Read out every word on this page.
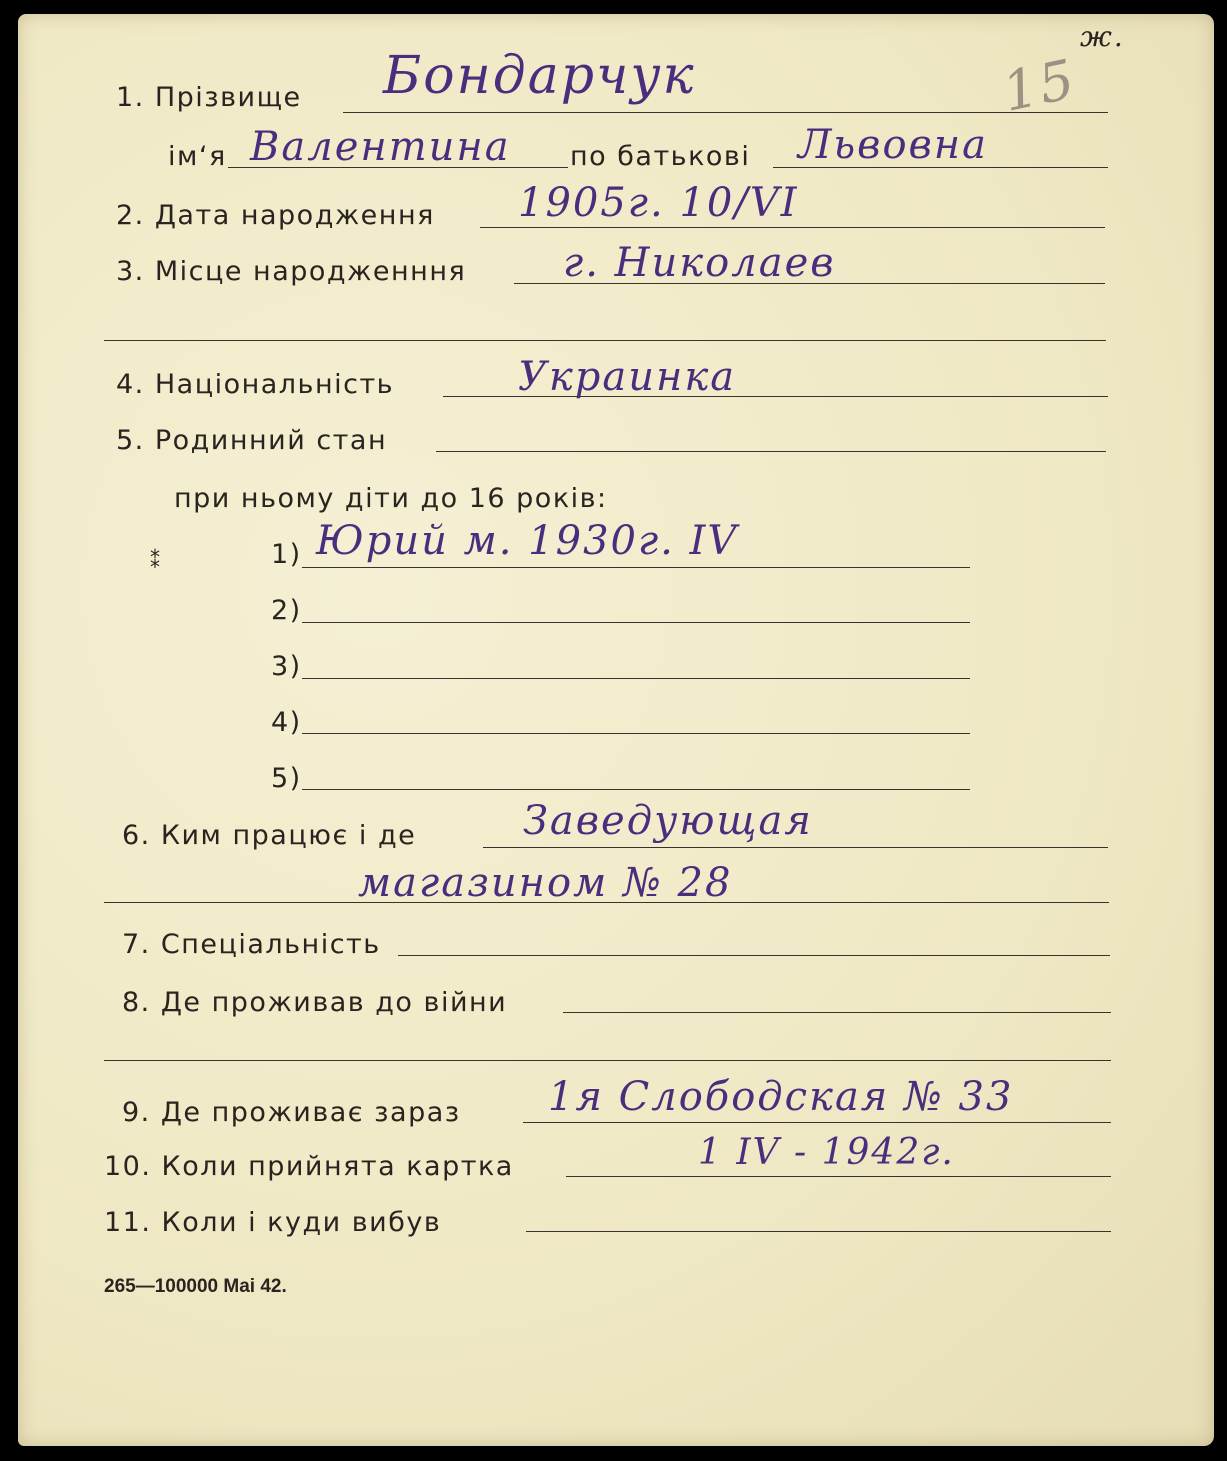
15
ж.
1. Прізвище Бондарчук
ім‘я Валентина по батькові Львовна
2. Дата народження 1905г. 10/VI
3. Місце народженння г. Николаев
4. Національність	Украинка
5. Родинний стан
при ньому діти до 16 років:
1) Юрий м. 1930г. IV
2)
3)
4)
5)
⁑
6. Ким працює і де	Заведующая
магазином № 28
7. Спеціальність
8. Де проживав до війни
9. Де проживає зараз 1я Слободская № 33
10. Коли прийнята картка	1 IV - 1942г.
11. Коли і куди вибув
265—100000 Mai 42.
